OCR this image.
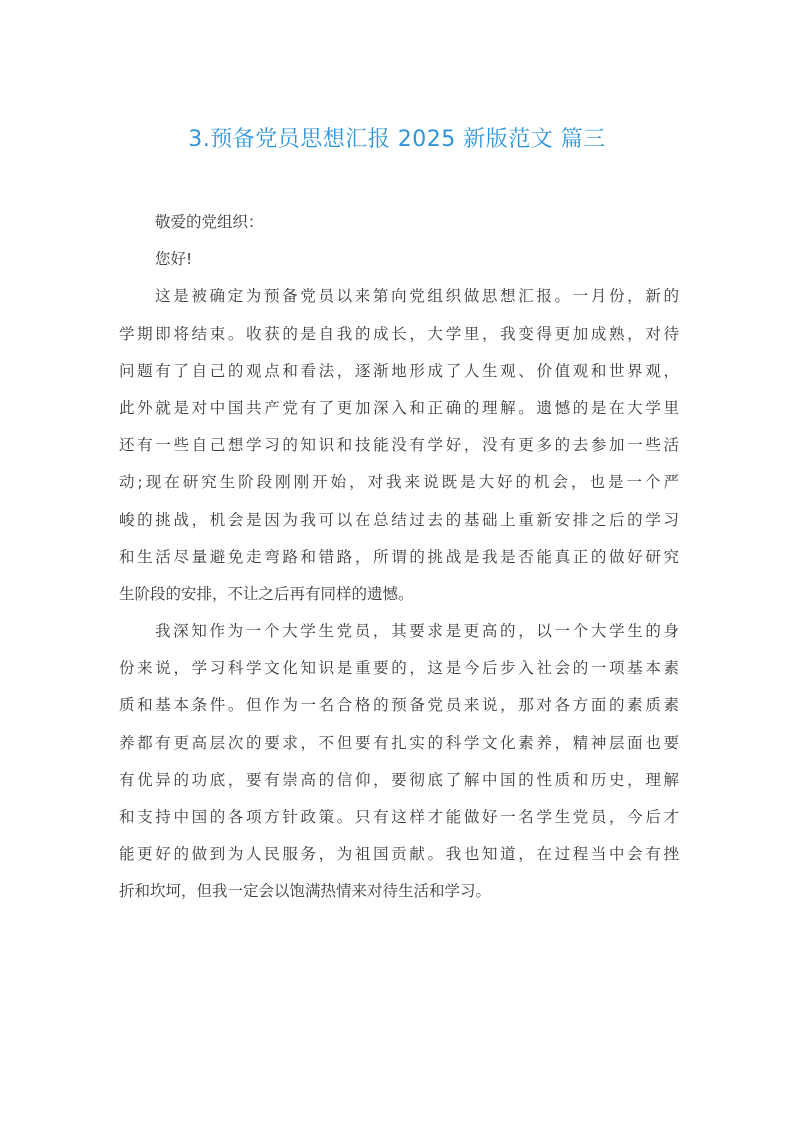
3.预备党员思想汇报 2025 新版范文 篇三
敬爱的党组织：
您好!
这是被确定为预备党员以来第向党组织做思想汇报。一月份，新的
学期即将结束。收获的是自我的成长，大学里，我变得更加成熟，对待
问题有了自己的观点和看法，逐渐地形成了人生观、价值观和世界观，
此外就是对中国共产党有了更加深入和正确的理解。遗憾的是在大学里
还有一些自己想学习的知识和技能没有学好，没有更多的去参加一些活
动;现在研究生阶段刚刚开始，对我来说既是大好的机会，也是一个严
峻的挑战，机会是因为我可以在总结过去的基础上重新安排之后的学习
和生活尽量避免走弯路和错路，所谓的挑战是我是否能真正的做好研究
生阶段的安排，不让之后再有同样的遗憾。
我深知作为一个大学生党员，其要求是更高的，以一个大学生的身
份来说，学习科学文化知识是重要的，这是今后步入社会的一项基本素
质和基本条件。但作为一名合格的预备党员来说，那对各方面的素质素
养都有更高层次的要求，不但要有扎实的科学文化素养，精神层面也要
有优异的功底，要有崇高的信仰，要彻底了解中国的性质和历史，理解
和支持中国的各项方针政策。只有这样才能做好一名学生党员，今后才
能更好的做到为人民服务，为祖国贡献。我也知道，在过程当中会有挫
折和坎坷，但我一定会以饱满热情来对待生活和学习。
